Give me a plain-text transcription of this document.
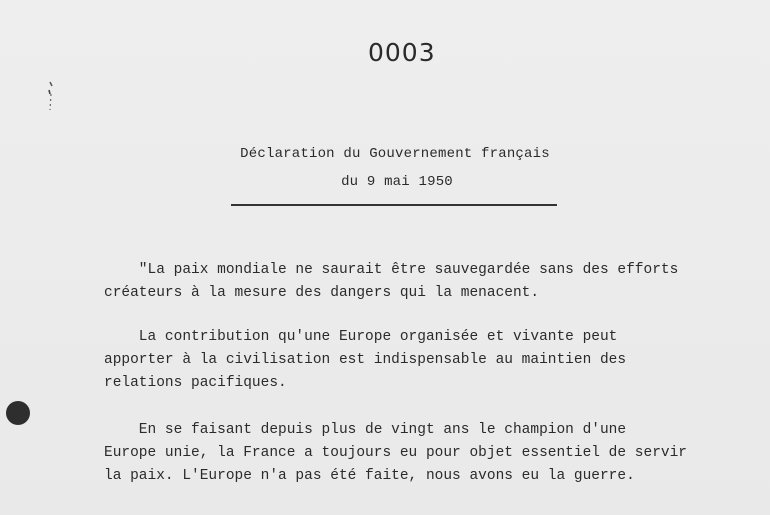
0003
Déclaration du Gouvernement français
du 9 mai 1950
"La paix mondiale ne saurait être sauvegardée sans des efforts
créateurs à la mesure des dangers qui la menacent.
La contribution qu'une Europe organisée et vivante peut
apporter à la civilisation est indispensable au maintien des
relations pacifiques.
En se faisant depuis plus de vingt ans le champion d'une
Europe unie, la France a toujours eu pour objet essentiel de servir
la paix. L'Europe n'a pas été faite, nous avons eu la guerre.
